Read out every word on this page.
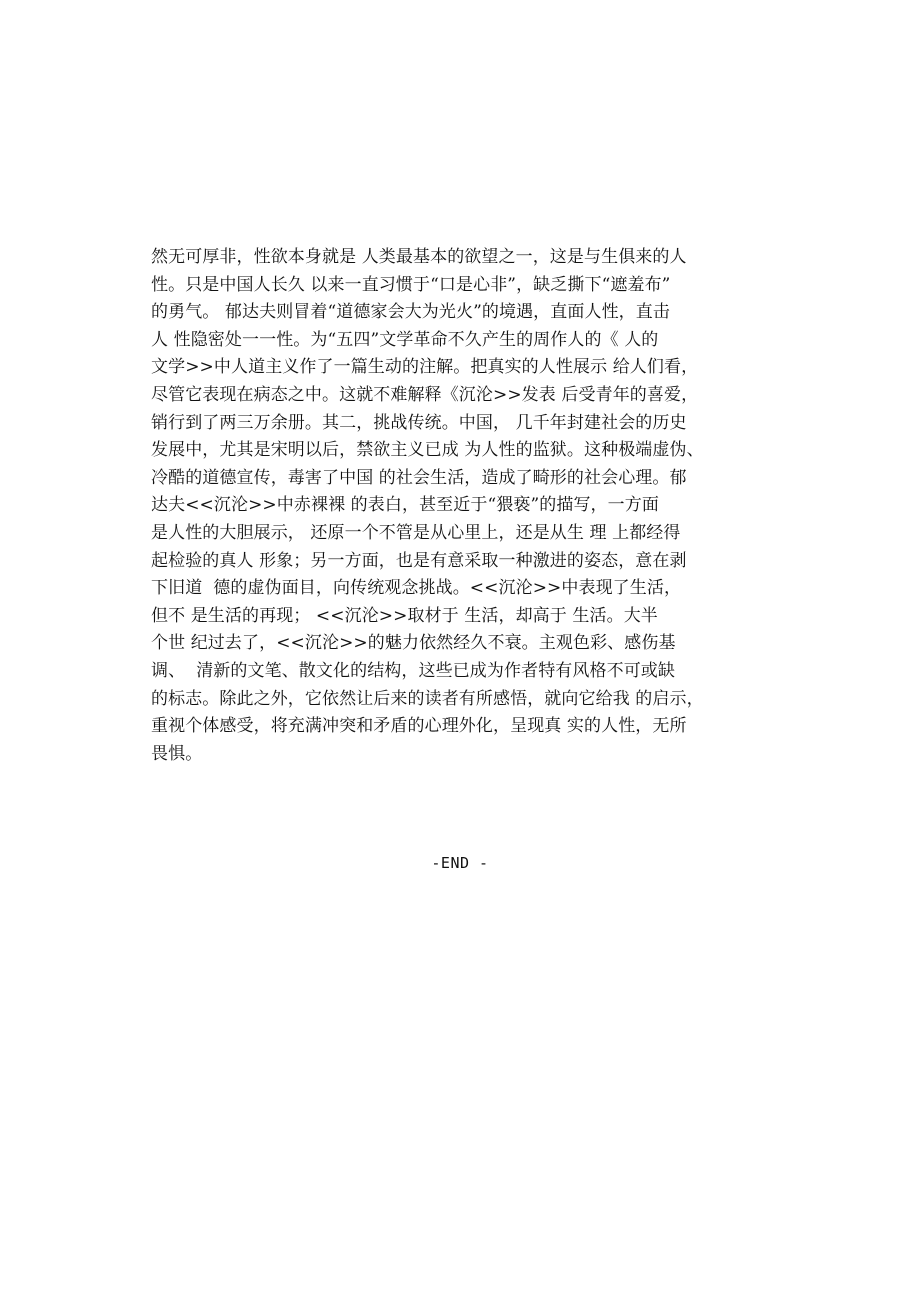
然无可厚非，性欲本身就是 人类最基本的欲望之一，这是与生俱来的人
性。只是中国人长久 以来一直习惯于“口是心非”，缺乏撕下“遮羞布”
的勇气。 郁达夫则冒着“道德家会大为光火”的境遇，直面人性，直击
人 性隐密处一一性。为“五四”文学革命不久产生的周作人的《 人的
文学>>中人道主义作了一篇生动的注解。把真实的人性展示 给人们看，
尽管它表现在病态之中。这就不难解释《沉沦>>发表 后受青年的喜爱，
销行到了两三万余册。其二，挑战传统。中国， 几千年封建社会的历史
发展中，尤其是宋明以后，禁欲主义已成 为人性的监狱。这种极端虚伪、
冷酷的道德宣传，毒害了中国 的社会生活，造成了畸形的社会心理。郁
达夫<<沉沦>>中赤裸裸 的表白，甚至近于“猥亵”的描写，一方面
是人性的大胆展示， 还原一个不管是从心里上，还是从生 理 上都经得
起检验的真人 形象；另一方面，也是有意采取一种激进的姿态，意在剥
下旧道  德的虚伪面目，向传统观念挑战。<<沉沦>>中表现了生活，
但不 是生活的再现； <<沉沦>>取材于 生活，却高于 生活。大半
个世 纪过去了，<<沉沦>>的魅力依然经久不衰。主观色彩、感伤基
调、  清新的文笔、散文化的结构，这些已成为作者特有风格不可或缺
的标志。除此之外，它依然让后来的读者有所感悟，就向它给我 的启示，
重视个体感受，将充满冲突和矛盾的心理外化，呈现真 实的人性，无所
畏惧。
-END -
